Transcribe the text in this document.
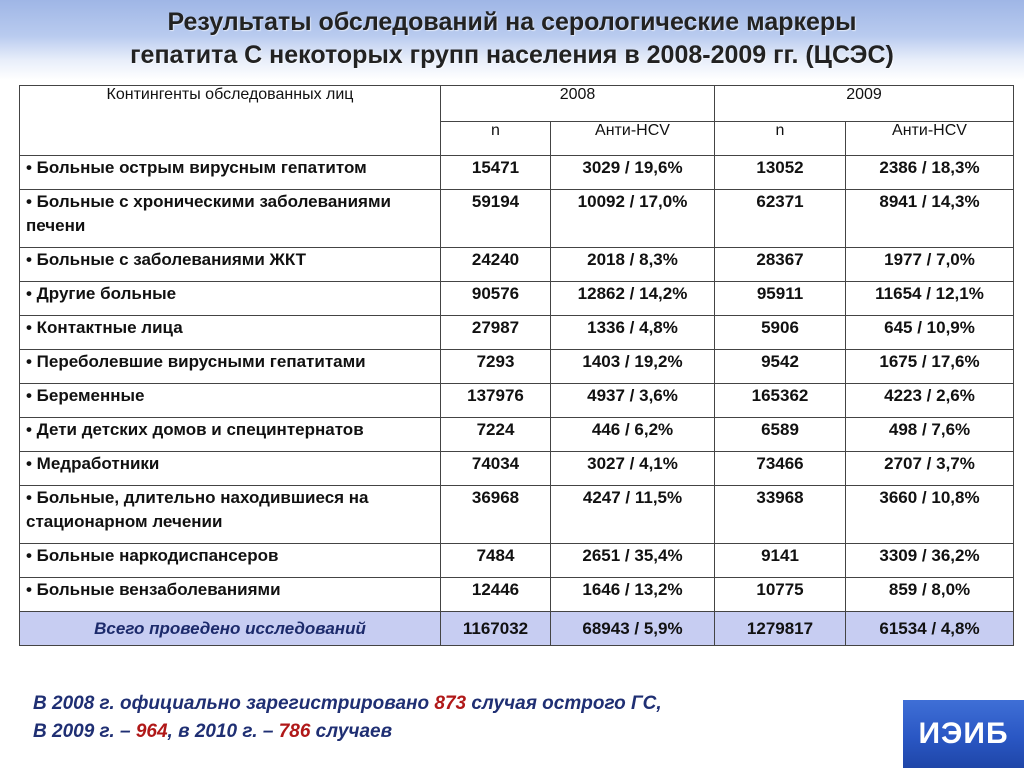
Результаты обследований на серологические маркеры
гепатита С некоторых групп населения в 2008-2009 гг. (ЦСЭС)
Контингенты обследованных лиц	2008		2009	
	n	Анти-HCV	n	Анти-HCV
• Больные острым вирусным гепатитом	15471	3029 / 19,6%	13052	2386 / 18,3%
• Больные с хроническими заболеваниями печени	59194	10092 / 17,0%	62371	8941 / 14,3%
• Больные с заболеваниями ЖКТ	24240	2018 / 8,3%	28367	1977 / 7,0%
• Другие больные	90576	12862 / 14,2%	95911	11654 / 12,1%
• Контактные лица	27987	1336 / 4,8%	5906	645 / 10,9%
• Переболевшие вирусными гепатитами	7293	1403 / 19,2%	9542	1675 / 17,6%
• Беременные	137976	4937 / 3,6%	165362	4223 / 2,6%
• Дети детских домов и специнтернатов	7224	446 / 6,2%	6589	498 / 7,6%
• Медработники	74034	3027 / 4,1%	73466	2707 / 3,7%
• Больные, длительно находившиеся на стационарном лечении	36968	4247 / 11,5%	33968	3660 / 10,8%
• Больные наркодиспансеров	7484	2651 / 35,4%	9141	3309 / 36,2%
• Больные вензаболеваниями	12446	1646 / 13,2%	10775	859 / 8,0%
Всего проведено исследований	1167032	68943 / 5,9%	1279817	61534 / 4,8%
В 2008 г. официально зарегистрировано 873 случая острого ГС,
В 2009 г. – 964, в 2010 г. – 786 случаев	ИЭИБ
